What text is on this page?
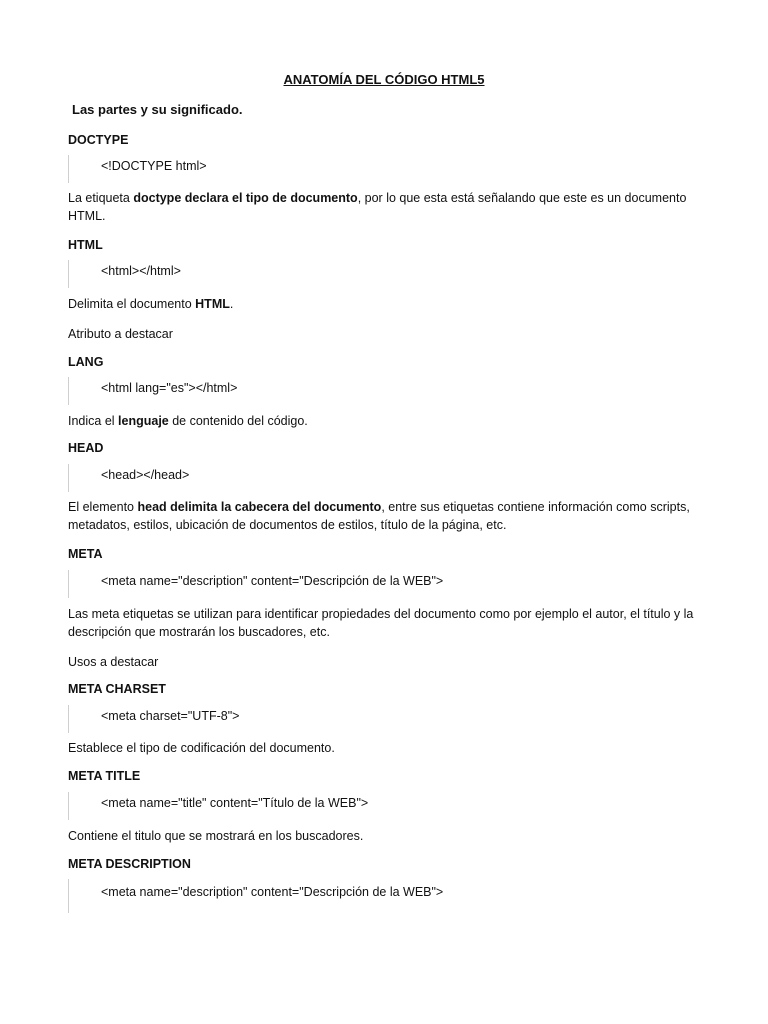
ANATOMÍA DEL CÓDIGO HTML5
Las partes y su significado.
DOCTYPE
<!DOCTYPE html>
La etiqueta doctype declara el tipo de documento, por lo que esta está señalando que este es un documento HTML.
HTML
<html></html>
Delimita el documento HTML.
Atributo a destacar
LANG
<html lang="es"></html>
Indica el lenguaje de contenido del código.
HEAD
<head></head>
El elemento head delimita la cabecera del documento, entre sus etiquetas contiene información como scripts, metadatos, estilos, ubicación de documentos de estilos, título de la página, etc.
META
<meta name="description" content="Descripción de la WEB">
Las meta etiquetas se utilizan para identificar propiedades del documento como por ejemplo el autor, el título y la descripción que mostrarán los buscadores, etc.
Usos a destacar
META CHARSET
<meta charset="UTF-8">
Establece el tipo de codificación del documento.
META TITLE
<meta name="title" content="Título de la WEB">
Contiene el titulo que se mostrará en los buscadores.
META DESCRIPTION
<meta name="description" content="Descripción de la WEB">
